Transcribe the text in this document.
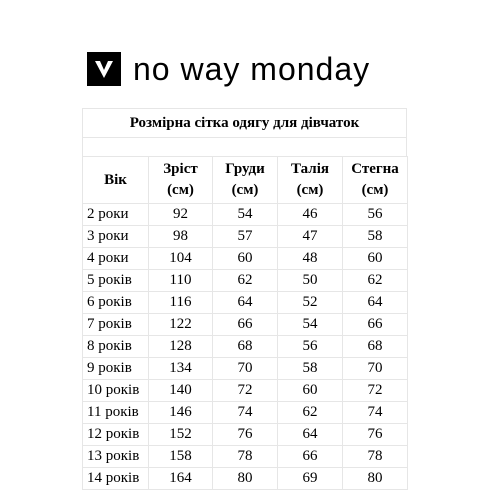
no way monday
Розмірна сітка одягу для дівчаток
Вік	Зріст (см)	Груди (см)	Талія (см)	Стегна (см)
2 роки	92	54	46	56
3 роки	98	57	47	58
4 роки	104	60	48	60
5 років	110	62	50	62
6 років	116	64	52	64
7 років	122	66	54	66
8 років	128	68	56	68
9 років	134	70	58	70
10 років	140	72	60	72
11 років	146	74	62	74
12 років	152	76	64	76
13 років	158	78	66	78
14 років	164	80	69	80
